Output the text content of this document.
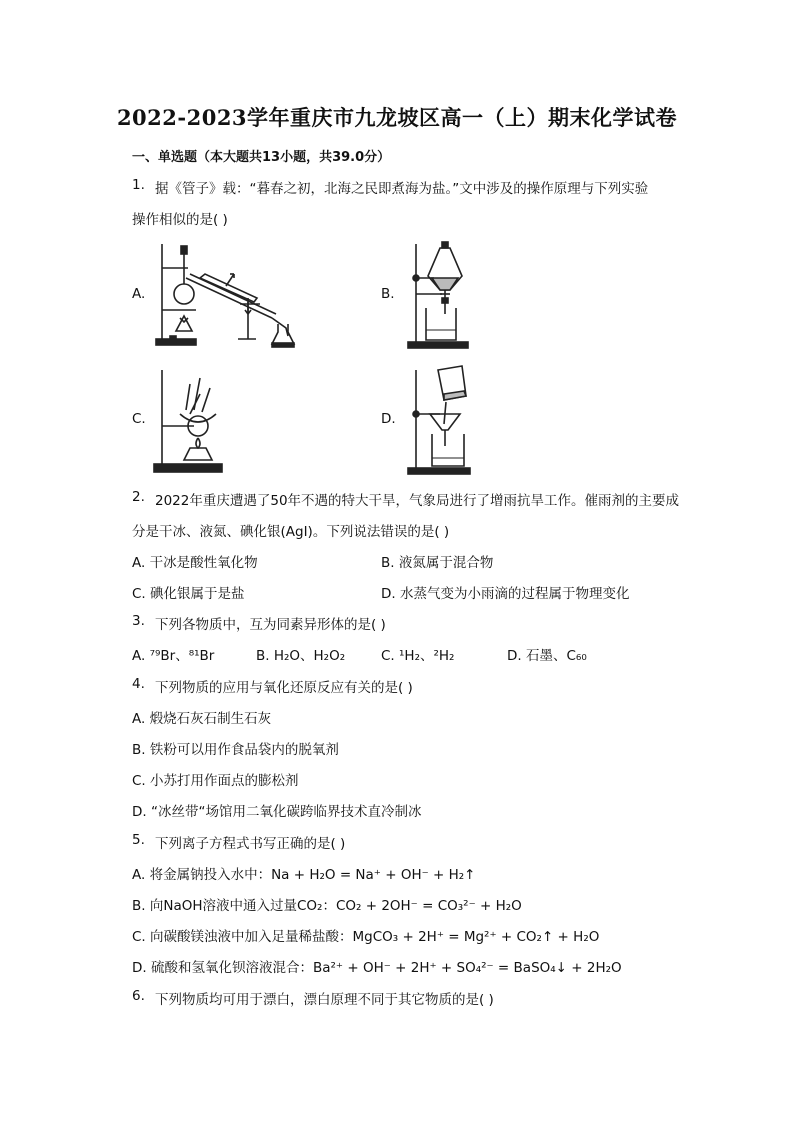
2022-2023学年重庆市九龙坡区高一（上）期末化学试卷
一、单选题（本大题共13小题，共39.0分）
1. 据《管子》载：“暮春之初，北海之民即煮海为盐。”文中涉及的操作原理与下列实验
操作相似的是( )
A.	B.
C.	D.
2. 2022年重庆遭遇了50年不遇的特大干旱，气象局进行了增雨抗旱工作。催雨剂的主要成
分是干冰、液氮、碘化银(AgI)。下列说法错误的是( )
A. 干冰是酸性氧化物	B. 液氮属于混合物
C. 碘化银属于是盐	D. 水蒸气变为小雨滴的过程属于物理变化
3. 下列各物质中，互为同素异形体的是( )
A. ⁷⁹Br、⁸¹Br	B. H₂O、H₂O₂	C. ¹H₂、²H₂	D. 石墨、C₆₀
4. 下列物质的应用与氧化还原反应有关的是( )
A. 煅烧石灰石制生石灰
B. 铁粉可以用作食品袋内的脱氧剂
C. 小苏打用作面点的膨松剂
D. “冰丝带“场馆用二氧化碳跨临界技术直冷制冰
5. 下列离子方程式书写正确的是( )
A. 将金属钠投入水中：Na + H₂O = Na⁺ + OH⁻ + H₂↑
B. 向NaOH溶液中通入过量CO₂：CO₂ + 2OH⁻ = CO₃²⁻ + H₂O
C. 向碳酸镁浊液中加入足量稀盐酸：MgCO₃ + 2H⁺ = Mg²⁺ + CO₂↑ + H₂O
D. 硫酸和氢氧化钡溶液混合：Ba²⁺ + OH⁻ + 2H⁺ + SO₄²⁻ = BaSO₄↓ + 2H₂O
6. 下列物质均可用于漂白，漂白原理不同于其它物质的是( )
